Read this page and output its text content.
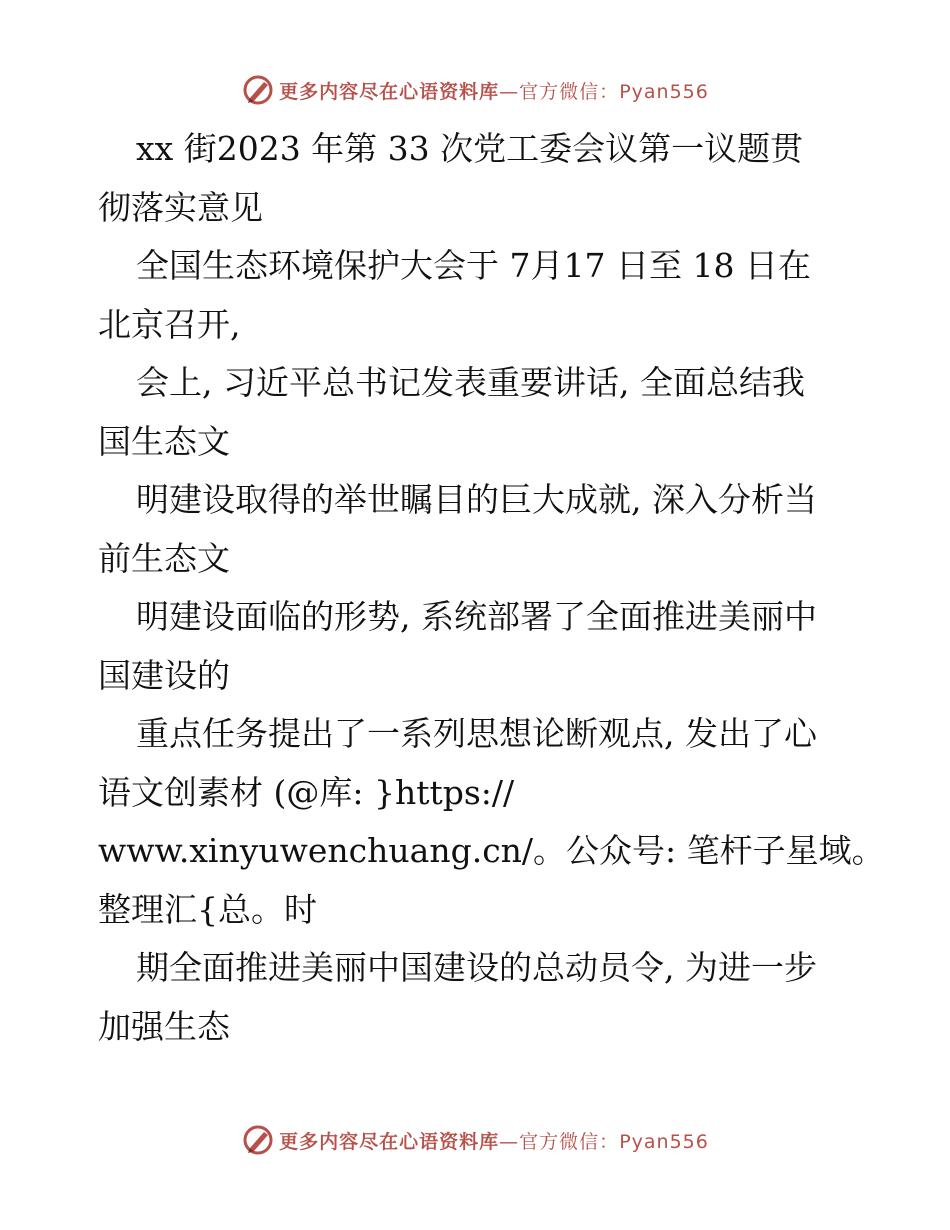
更多内容尽在心语资料库—官方微信：Pyan556
xx 街2023 年第 33 次党工委会议第一议题贯
彻落实意见
全国生态环境保护大会于 7月17 日至 18 日在
北京召开,
会上, 习近平总书记发表重要讲话, 全面总结我
国生态文
明建设取得的举世瞩目的巨大成就, 深入分析当
前生态文
明建设面临的形势, 系统部署了全面推进美丽中
国建设的
重点任务提出了一系列思想论断观点, 发出了心
语文创素材 (@库: }https://
www.xinyuwenchuang.cn/。公众号: 笔杆子星域。
整理汇{总。时
期全面推进美丽中国建设的总动员令, 为进一步
加强生态
更多内容尽在心语资料库—官方微信：Pyan556
